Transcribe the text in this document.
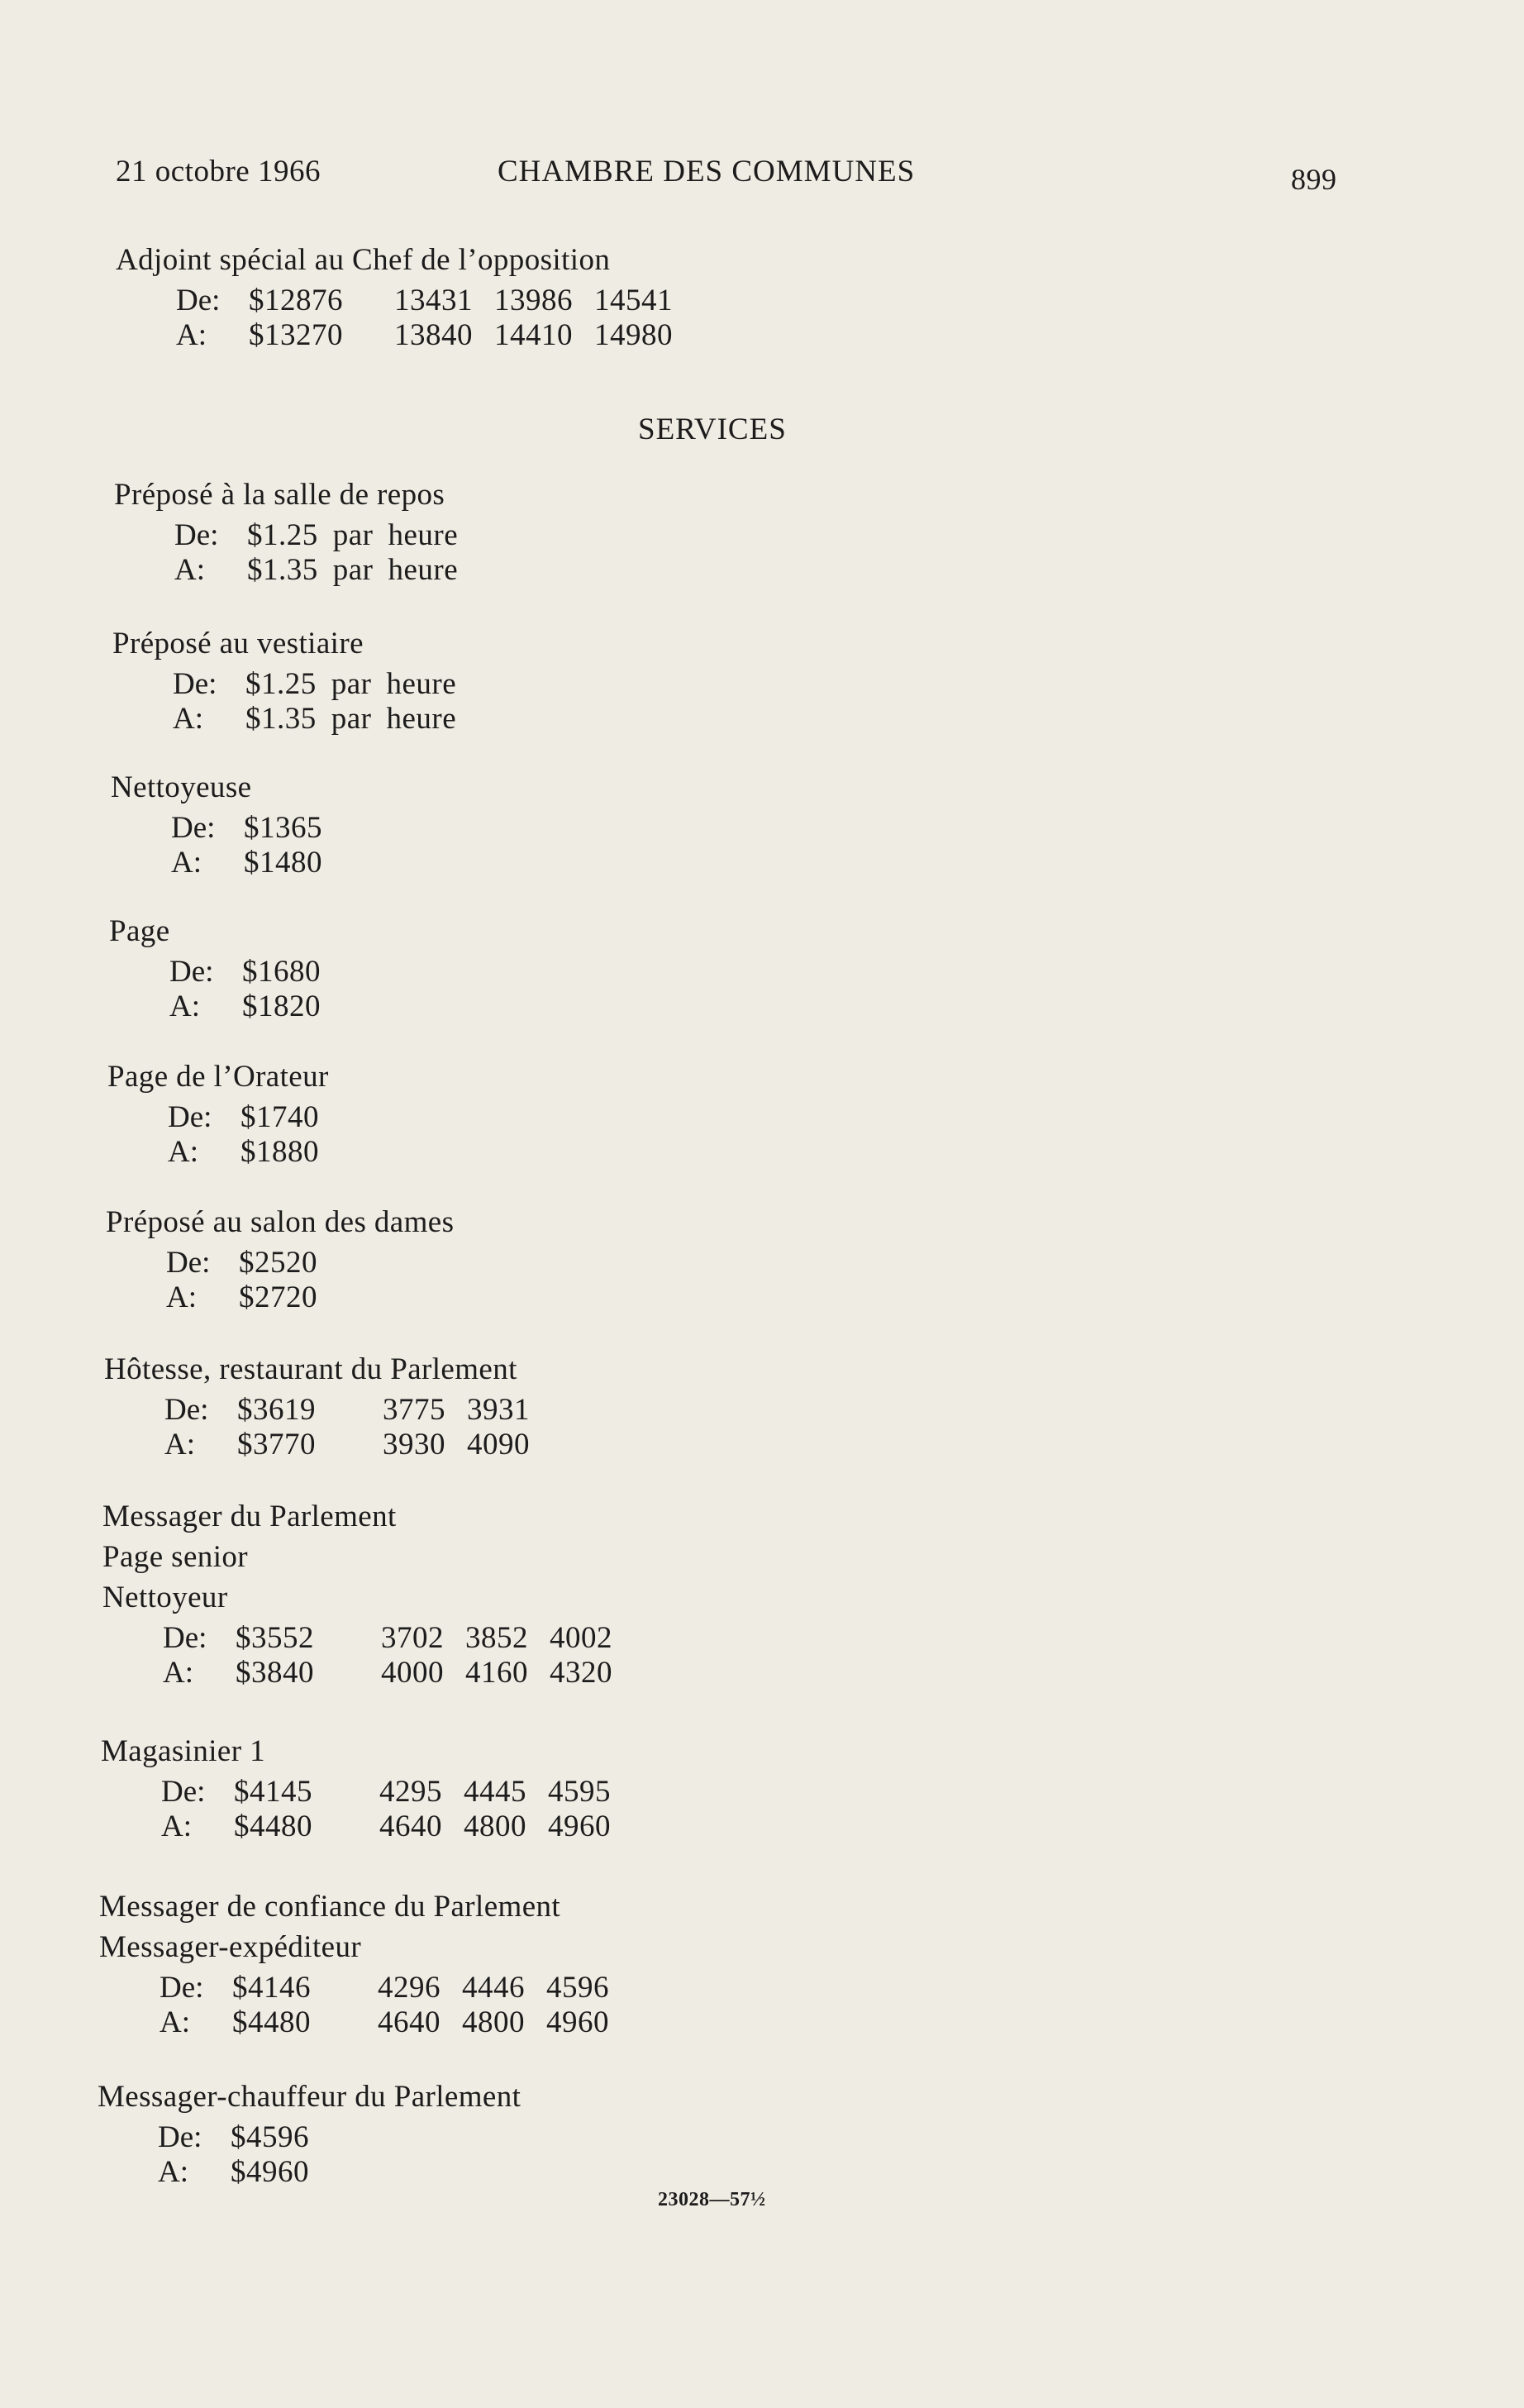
21 octobre 1966	CHAMBRE DES COMMUNES	899
SERVICES
Adjoint spécial au Chef de l’opposition
De: $12876	13431 13986 14541
A:	$13270	13840 14410 14980
Préposé à la salle de repos
De: $1.25 par heure
A:	$1.35 par heure
Préposé au vestiaire
De: $1.25 par heure
A:	$1.35 par heure
Nettoyeuse
De: $1365
A:	$1480
Page
De: $1680
A:	$1820
Page de l’Orateur
De: $1740
A:	$1880
Préposé au salon des dames
De: $2520
A:	$2720
Hôtesse, restaurant du Parlement
De: $3619	3775 3931
A:	$3770	3930 4090
Messager du Parlement
Page senior
Nettoyeur
De: $3552	3702 3852 4002
A:	$3840	4000 4160 4320
Magasinier 1
De: $4145	4295 4445 4595
A:	$4480	4640 4800 4960
Messager de confiance du Parlement
Messager-expéditeur
De: $4146	4296 4446 4596
A:	$4480	4640 4800 4960
Messager-chauffeur du Parlement
De: $4596
A:	$4960
23028—57½
